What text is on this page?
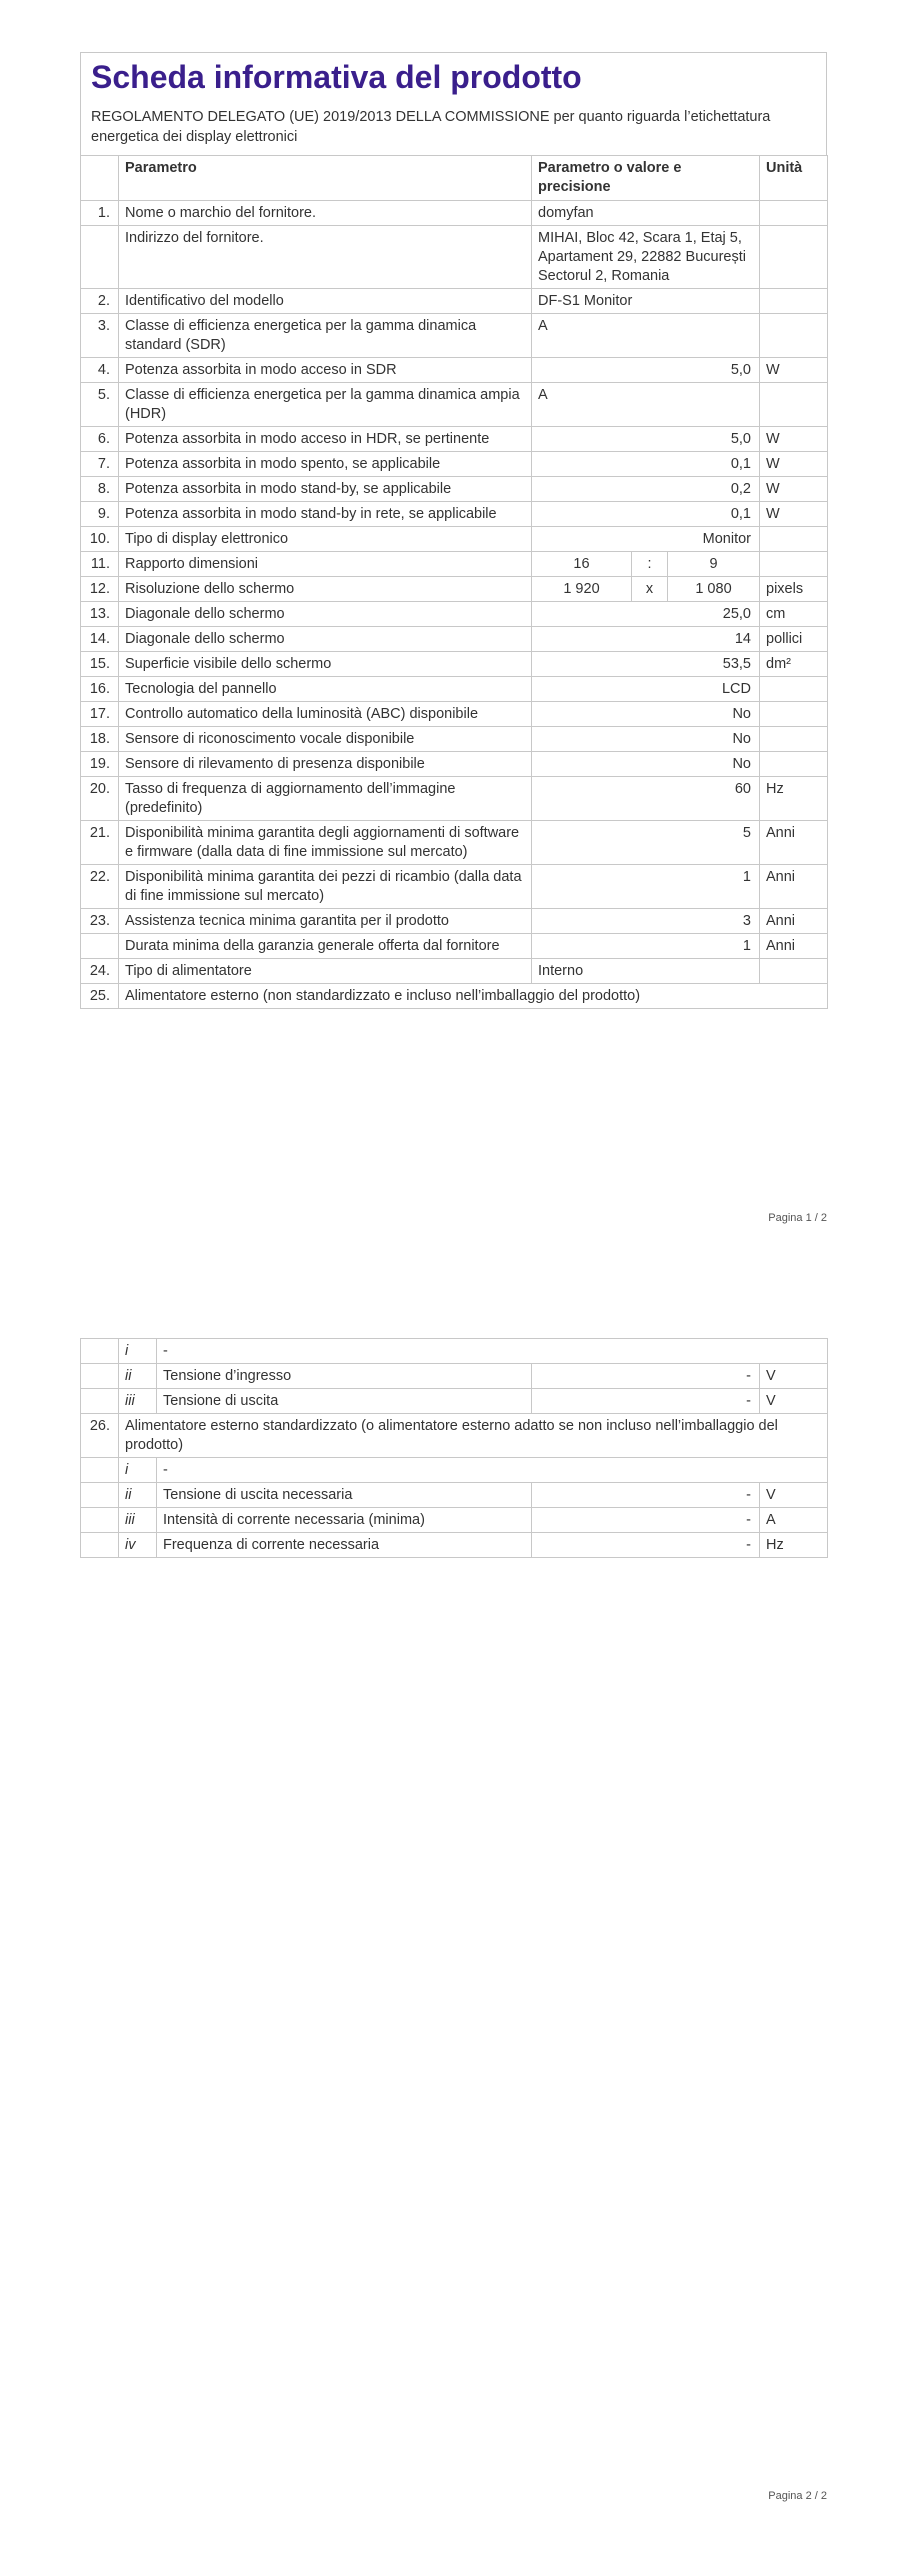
Scheda informativa del prodotto
REGOLAMENTO DELEGATO (UE) 2019/2013 DELLA COMMISSIONE per quanto riguarda l’etichettatura energetica dei display elettronici
	Parametro	Parametro o valore e precisione			Unità
1.	Nome o marchio del fornitore.	domyfan			
	Indirizzo del fornitore.	MIHAI, Bloc 42, Scara 1, Etaj 5, Apartament 29, 22882 București Sectorul 2, Romania			
2.	Identificativo del modello	DF-S1 Monitor			
3.	Classe di efficienza energetica per la gamma dinamica standard (SDR)	A			
4.	Potenza assorbita in modo acceso in SDR	5,0			W
5.	Classe di efficienza energetica per la gamma dinamica ampia (HDR)	A			
6.	Potenza assorbita in modo acceso in HDR, se pertinente	5,0			W
7.	Potenza assorbita in modo spento, se applicabile	0,1			W
8.	Potenza assorbita in modo stand-by, se applicabile	0,2			W
9.	Potenza assorbita in modo stand-by in rete, se applicabile	0,1			W
10.	Tipo di display elettronico	Monitor			
11.	Rapporto dimensioni	16	:	9	
12.	Risoluzione dello schermo	1 920	x	1 080	pixels
13.	Diagonale dello schermo	25,0			cm
14.	Diagonale dello schermo	14			pollici
15.	Superficie visibile dello schermo	53,5			dm²
16.	Tecnologia del pannello	LCD			
17.	Controllo automatico della luminosità (ABC) disponibile	No			
18.	Sensore di riconoscimento vocale disponibile	No			
19.	Sensore di rilevamento di presenza disponibile	No			
20.	Tasso di frequenza di aggiornamento dell’immagine (predefinito)	60			Hz
21.	Disponibilità minima garantita degli aggiornamenti di software e firmware (dalla data di fine immissione sul mercato)	5			Anni
22.	Disponibilità minima garantita dei pezzi di ricambio (dalla data di fine immissione sul mercato)	1			Anni
23.	Assistenza tecnica minima garantita per il prodotto	3			Anni
	Durata minima della garanzia generale offerta dal fornitore	1			Anni
24.	Tipo di alimentatore	Interno			
25.	Alimentatore esterno (non standardizzato e incluso nell’imballaggio del prodotto)				
Pagina 1 / 2
	i	-		
	ii	Tensione d’ingresso	-	V
	iii	Tensione di uscita	-	V
26.	Alimentatore esterno standardizzato (o alimentatore esterno adatto se non incluso nell’imballaggio del prodotto)			
	i	-		
	ii	Tensione di uscita necessaria	-	V
	iii	Intensità di corrente necessaria (minima)	-	A
	iv	Frequenza di corrente necessaria	-	Hz
Pagina 2 / 2
